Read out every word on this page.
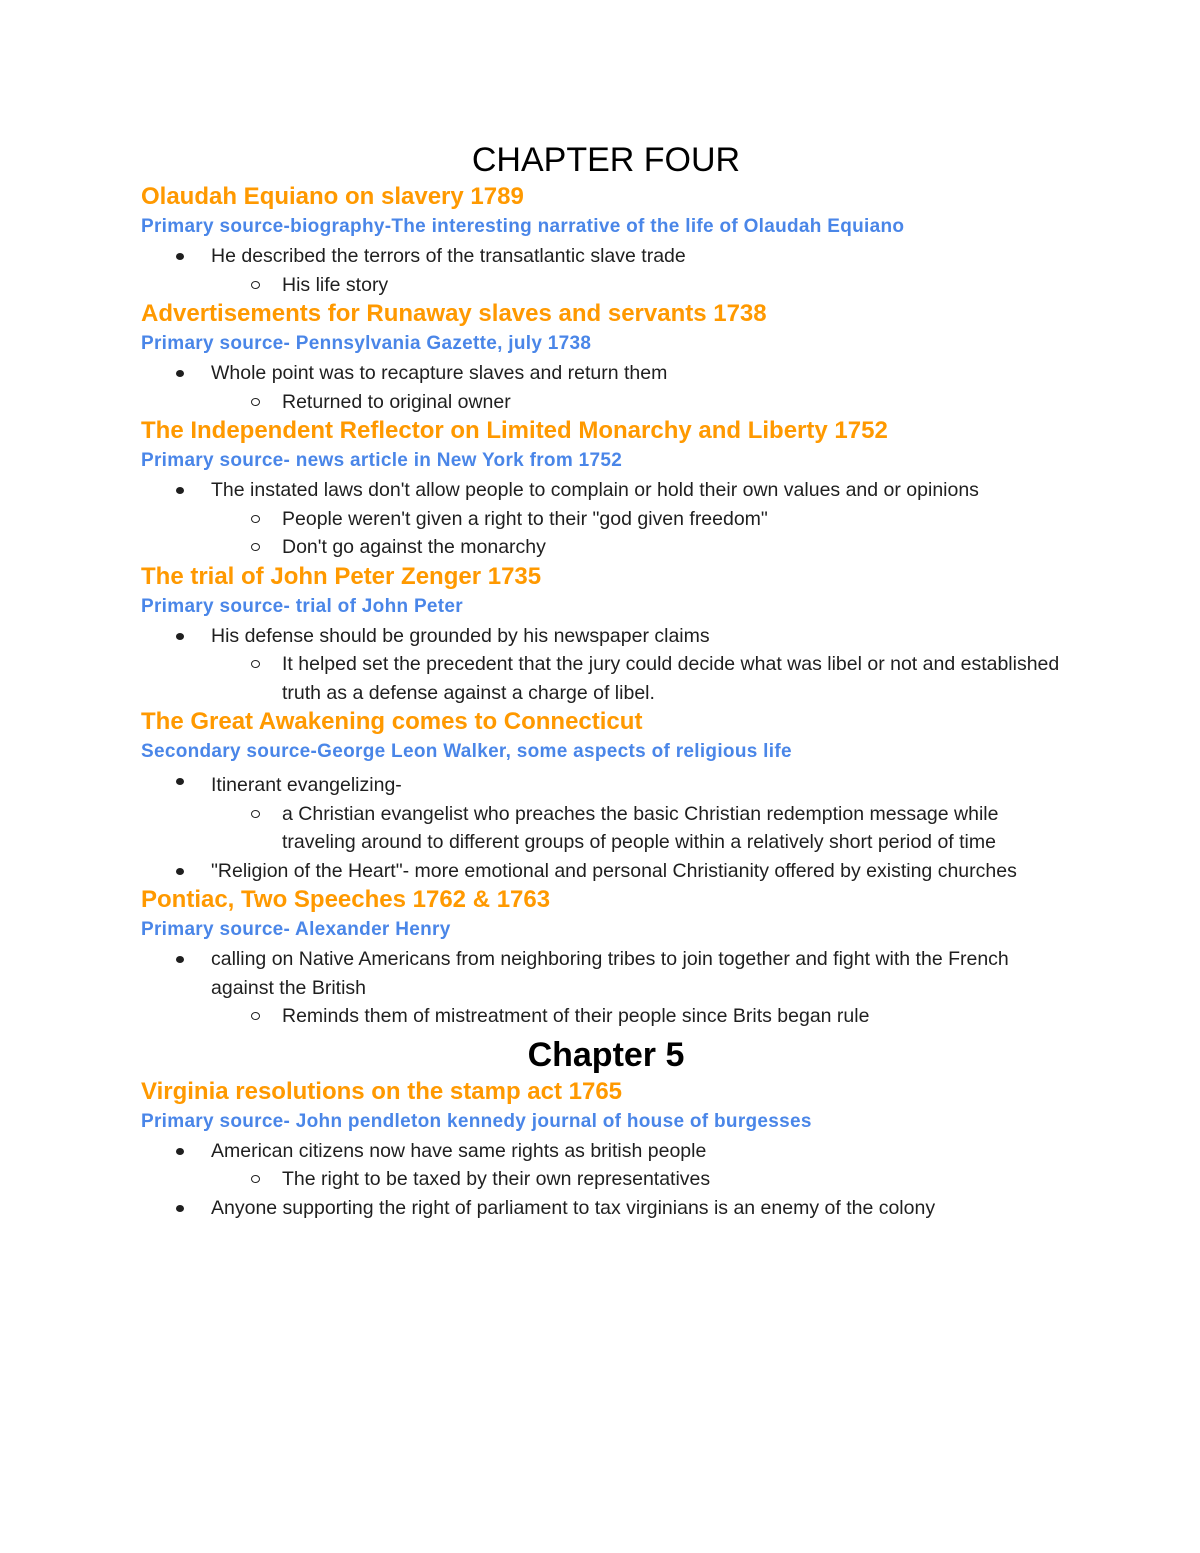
CHAPTER FOUR
Olaudah Equiano on slavery 1789
Primary source-biography-The interesting narrative of the life of Olaudah Equiano
He described the terrors of the transatlantic slave trade
His life story
Advertisements for Runaway slaves and servants 1738
Primary source- Pennsylvania Gazette, july 1738
Whole point was to recapture slaves and return them
Returned to original owner
The Independent Reflector on Limited Monarchy and Liberty 1752
Primary source- news article in New York from 1752
The instated laws don't allow people to complain or hold their own values and or opinions
People weren't given a right to their "god given freedom"
Don't go against the monarchy
The trial of John Peter Zenger 1735
Primary source- trial of John Peter
His defense should be grounded by his newspaper claims
It helped set the precedent that the jury could decide what was libel or not and established truth as a defense against a charge of libel.
The Great Awakening comes to Connecticut
Secondary source-George Leon Walker, some aspects of religious life
Itinerant evangelizing-
a Christian evangelist who preaches the basic Christian redemption message while traveling around to different groups of people within a relatively short period of time
"Religion of the Heart"- more emotional and personal Christianity offered by existing churches
Pontiac, Two Speeches 1762 & 1763
Primary source- Alexander Henry
calling on Native Americans from neighboring tribes to join together and fight with the French against the British
Reminds them of mistreatment of their people since Brits began rule
Chapter 5
Virginia resolutions on the stamp act 1765
Primary source- John pendleton kennedy journal of house of burgesses
American citizens now have same rights as british people
The right to be taxed by their own representatives
Anyone supporting the right of parliament to tax virginians is an enemy of the colony
